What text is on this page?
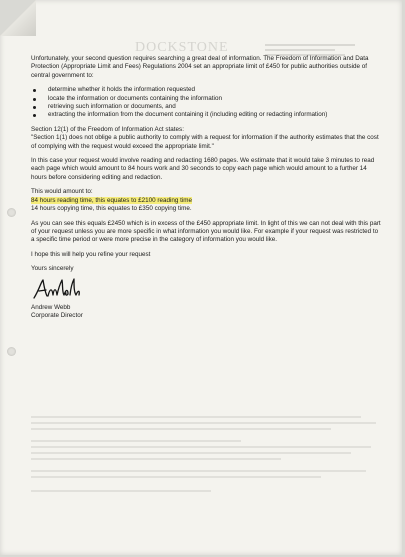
DOCKSTONE

Unfortunately, your second question requires searching a great deal of information. The Freedom of Information and Data Protection (Appropriate Limit and Fees) Regulations 2004 set an appropriate limit of £450 for public authorities outside of central government to:

determine whether it holds the information requested
locate the information or documents containing the information
retrieving such information or documents, and
extracting the information from the document containing it (including editing or redacting information)

Section 12(1) of the Freedom of Information Act states:

"Section 1(1) does not oblige a public authority to comply with a request for information if the authority estimates that the cost of complying with the request would exceed the appropriate limit."

In this case your request would involve reading and redacting 1680 pages. We estimate that it would take 3 minutes to read each page which would amount to 84 hours work and 30 seconds to copy each page which would amount to a further 14 hours before considering editing and redaction.

This would amount to:

84 hours reading time, this equates to £2100 reading time

14 hours copying time, this equates to £350 copying time.

As you can see this equals £2450 which is in excess of the £450 appropriate limit. In light of this we can not deal with this part of your request unless you are more specific in what information you would like. For example if your request was restricted to a specific time period or were more precise in the category of information you would like.

I hope this will help you refine your request

Yours sincerely

Andrew Webb

Corporate Director
